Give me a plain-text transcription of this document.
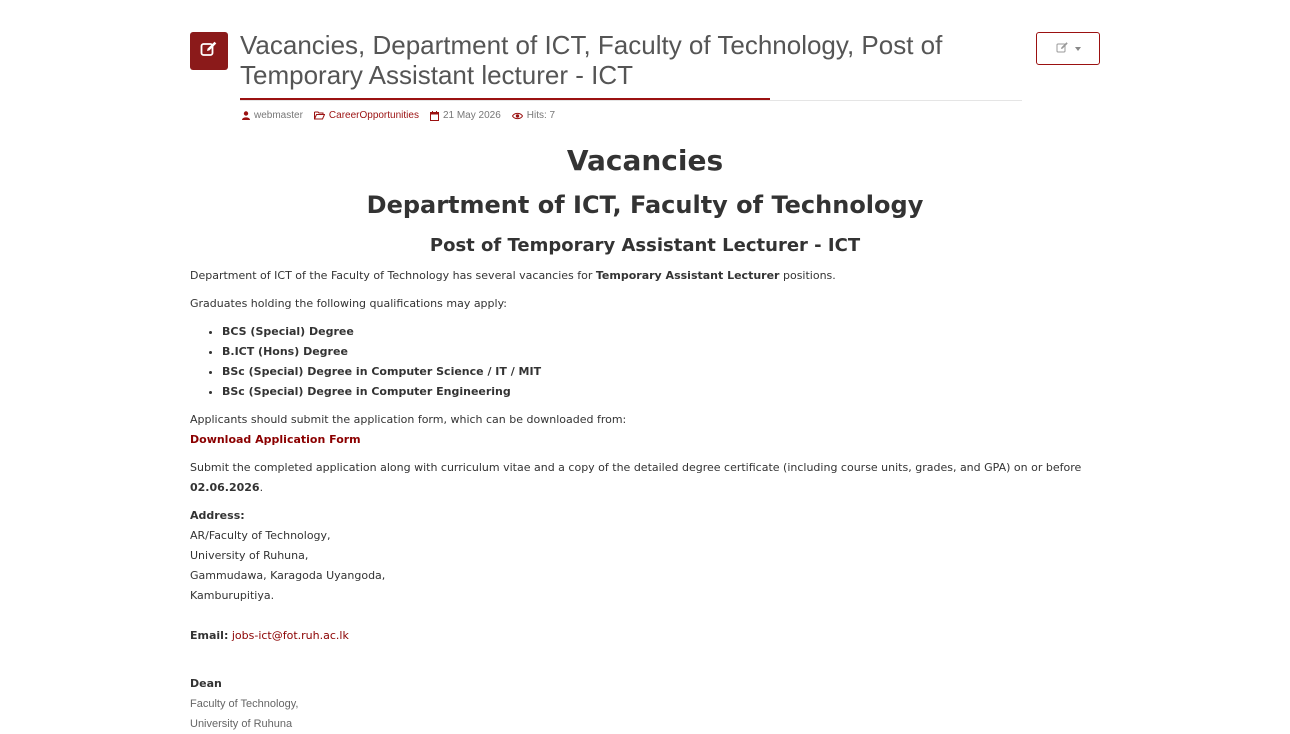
Vacancies, Department of ICT, Faculty of Technology, Post of Temporary Assistant lecturer - ICT
webmaster	CareerOpportunities 21 May 2026	Hits: 7
Vacancies
Department of ICT, Faculty of Technology
Post of Temporary Assistant Lecturer - ICT

Department of ICT of the Faculty of Technology has several vacancies for Temporary Assistant Lecturer positions.

Graduates holding the following qualifications may apply:

• BCS (Special) Degree
• B.ICT (Hons) Degree
• BSc (Special) Degree in Computer Science / IT / MIT
• BSc (Special) Degree in Computer Engineering

Applicants should submit the application form, which can be downloaded from:
Download Application Form

Submit the completed application along with curriculum vitae and a copy of the detailed degree certificate (including course units, grades, and GPA) on or before 02.06.2026.

Address:
AR/Faculty of Technology,
University of Ruhuna,
Gammudawa, Karagoda Uyangoda,
Kamburupitiya.
Email: jobs-ict@fot.ruh.ac.lk
Dean
Faculty of Technology,
University of Ruhuna
